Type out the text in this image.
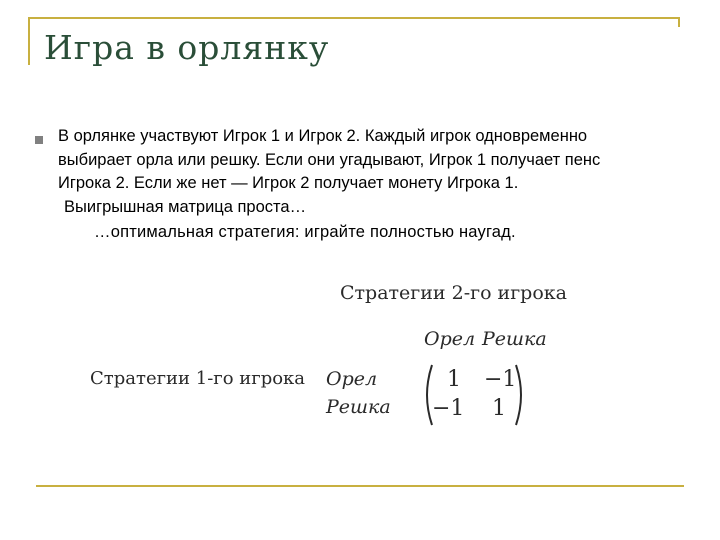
Игра в орлянку
В орлянке участвуют Игрок 1 и Игрок 2. Каждый игрок одновременно
выбирает орла или решку. Если они угадывают, Игрок 1 получает пенс
Игрока 2. Если же нет — Игрок 2 получает монету Игрока 1.
Выигрышная матрица проста…
…оптимальная стратегия: играйте полностью наугад.
Стратегии 2-го игрока
Стратегии 1-го игрока
Орел Решка
Орел
Решка
1 −1
−1 1
